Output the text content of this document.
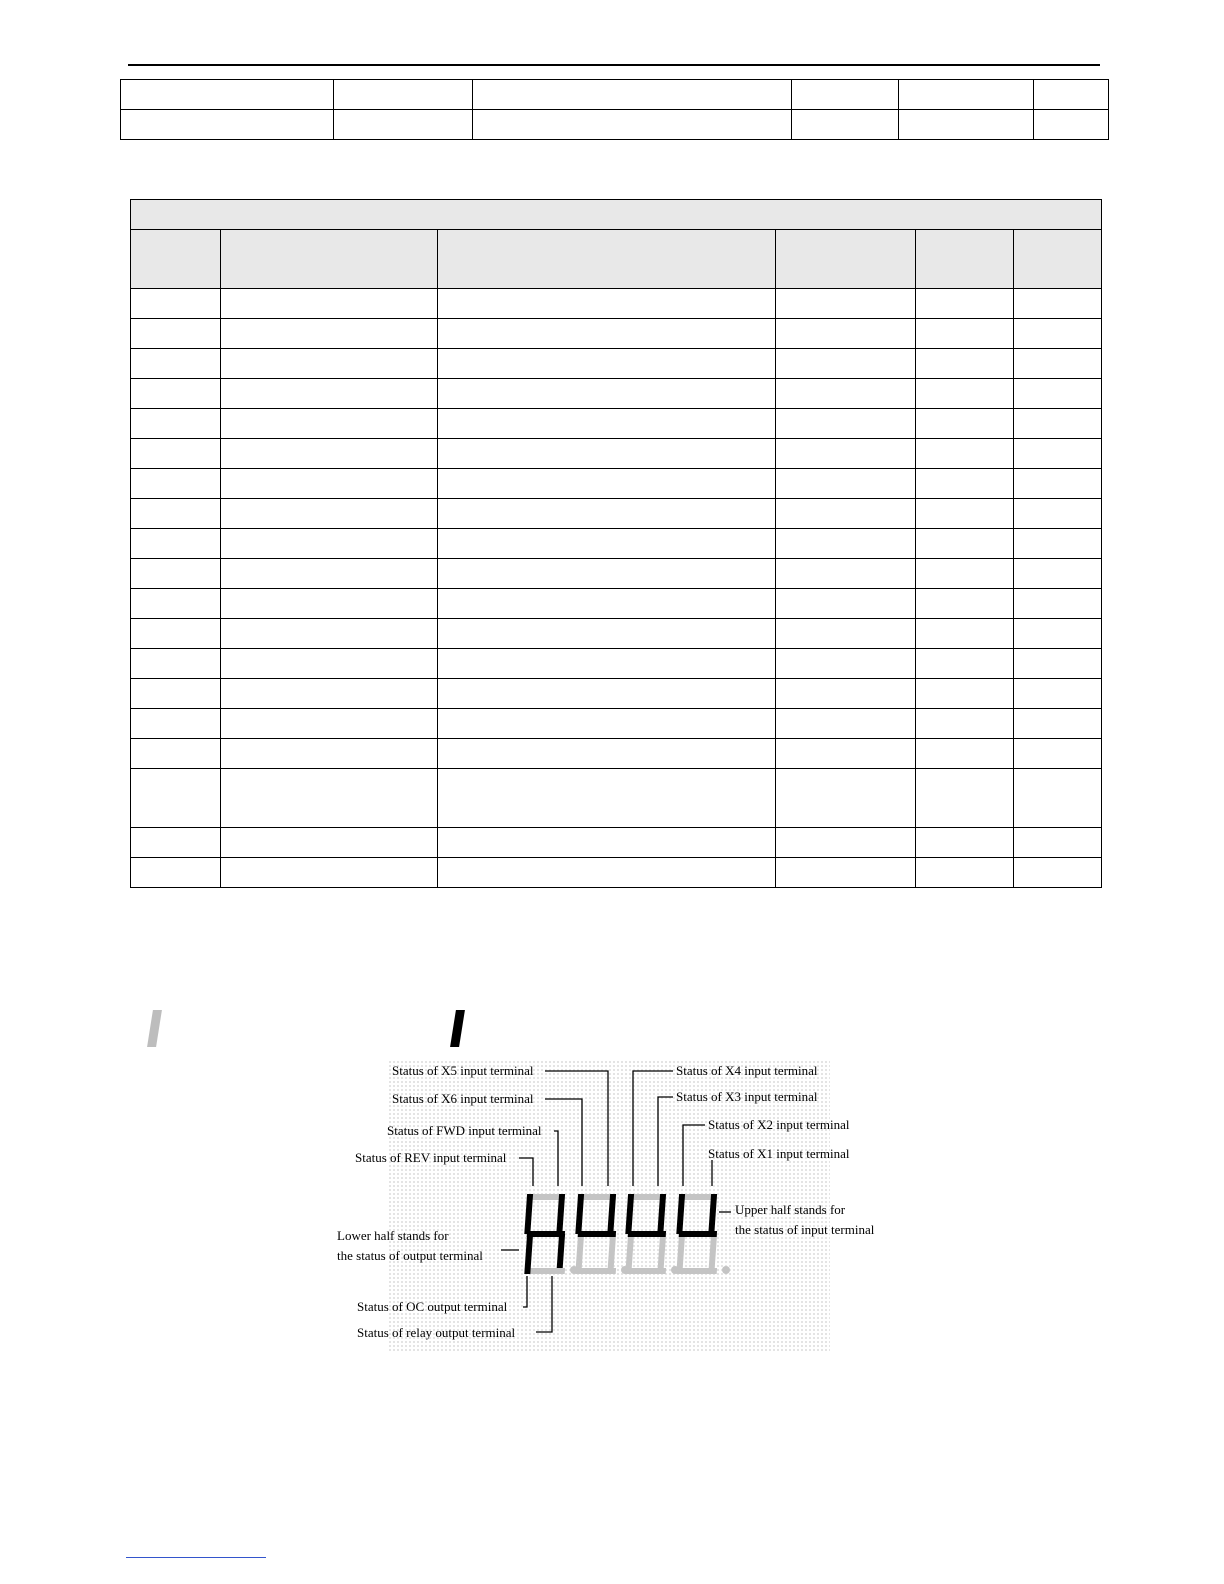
Status of X5 input terminal
Status of X6 input terminal
Status of FWD input terminal
Status of REV input terminal
Status of X4 input terminal
Status of X3 input terminal
Status of X2 input terminal
Status of X1 input terminal
Upper half stands for
the status of input terminal
Lower half stands for
the status of output terminal
Status of OC output terminal
Status of relay output terminal
